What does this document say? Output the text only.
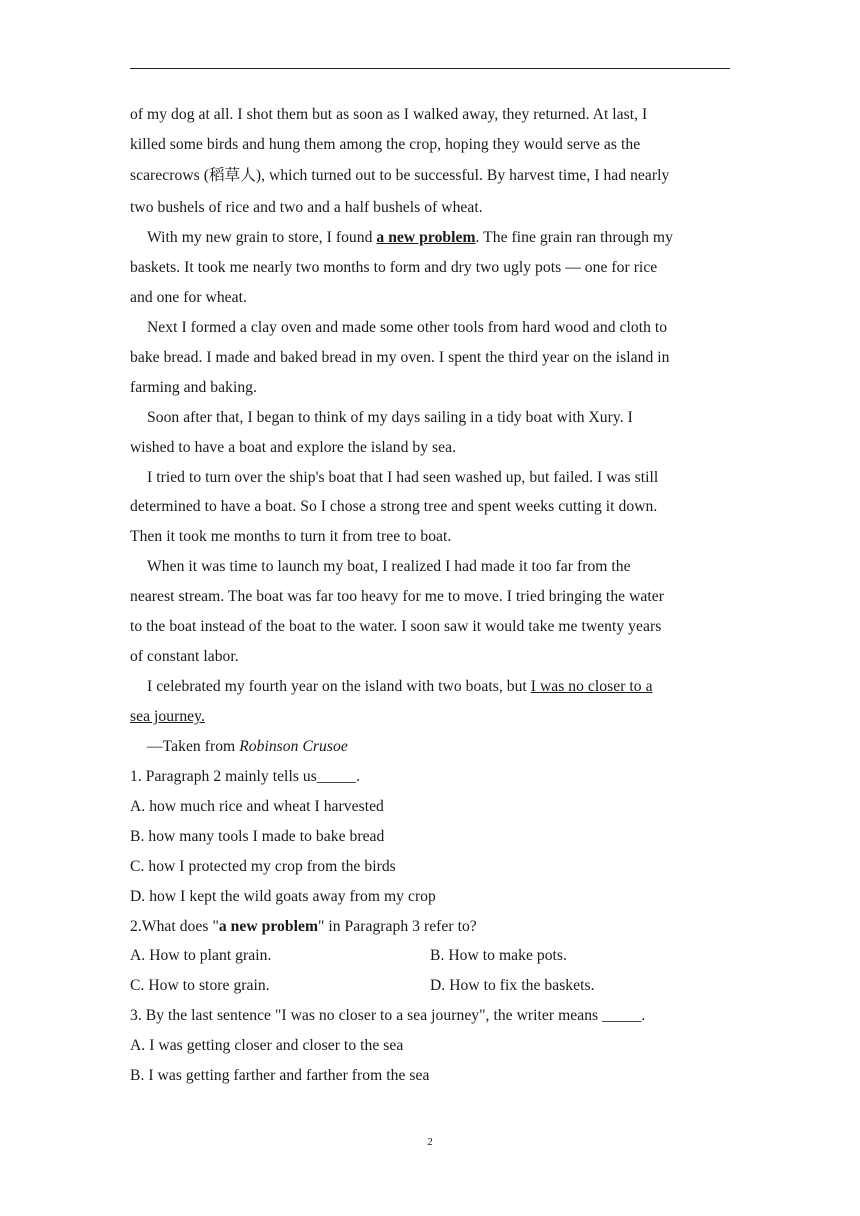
of my dog at all. I shot them but as soon as I walked away, they returned. At last, I
killed some birds and hung them among the crop, hoping they would serve as the
scarecrows (稻草人), which turned out to be successful. By harvest time, I had nearly
two bushels of rice and two and a half bushels of wheat.
With my new grain to store, I found a new problem. The fine grain ran through my
baskets. It took me nearly two months to form and dry two ugly pots — one for rice
and one for wheat.
Next I formed a clay oven and made some other tools from hard wood and cloth to
bake bread. I made and baked bread in my oven. I spent the third year on the island in
farming and baking.
Soon after that, I began to think of my days sailing in a tidy boat with Xury. I
wished to have a boat and explore the island by sea.
I tried to turn over the ship's boat that I had seen washed up, but failed. I was still
determined to have a boat. So I chose a strong tree and spent weeks cutting it down.
Then it took me months to turn it from tree to boat.
When it was time to launch my boat, I realized I had made it too far from the
nearest stream. The boat was far too heavy for me to move. I tried bringing the water
to the boat instead of the boat to the water. I soon saw it would take me twenty years
of constant labor.
I celebrated my fourth year on the island with two boats, but I was no closer to a
sea journey.
—Taken from Robinson Crusoe
1. Paragraph 2 mainly tells us_____.
A. how much rice and wheat I harvested
B. how many tools I made to bake bread
C. how I protected my crop from the birds
D. how I kept the wild goats away from my crop
2.What does "a new problem" in Paragraph 3 refer to?
A. How to plant grain.	B. How to make pots.
C. How to store grain.	D. How to fix the baskets.
3. By the last sentence "I was no closer to a sea journey", the writer means _____.
A. I was getting closer and closer to the sea
B. I was getting farther and farther from the sea
2
